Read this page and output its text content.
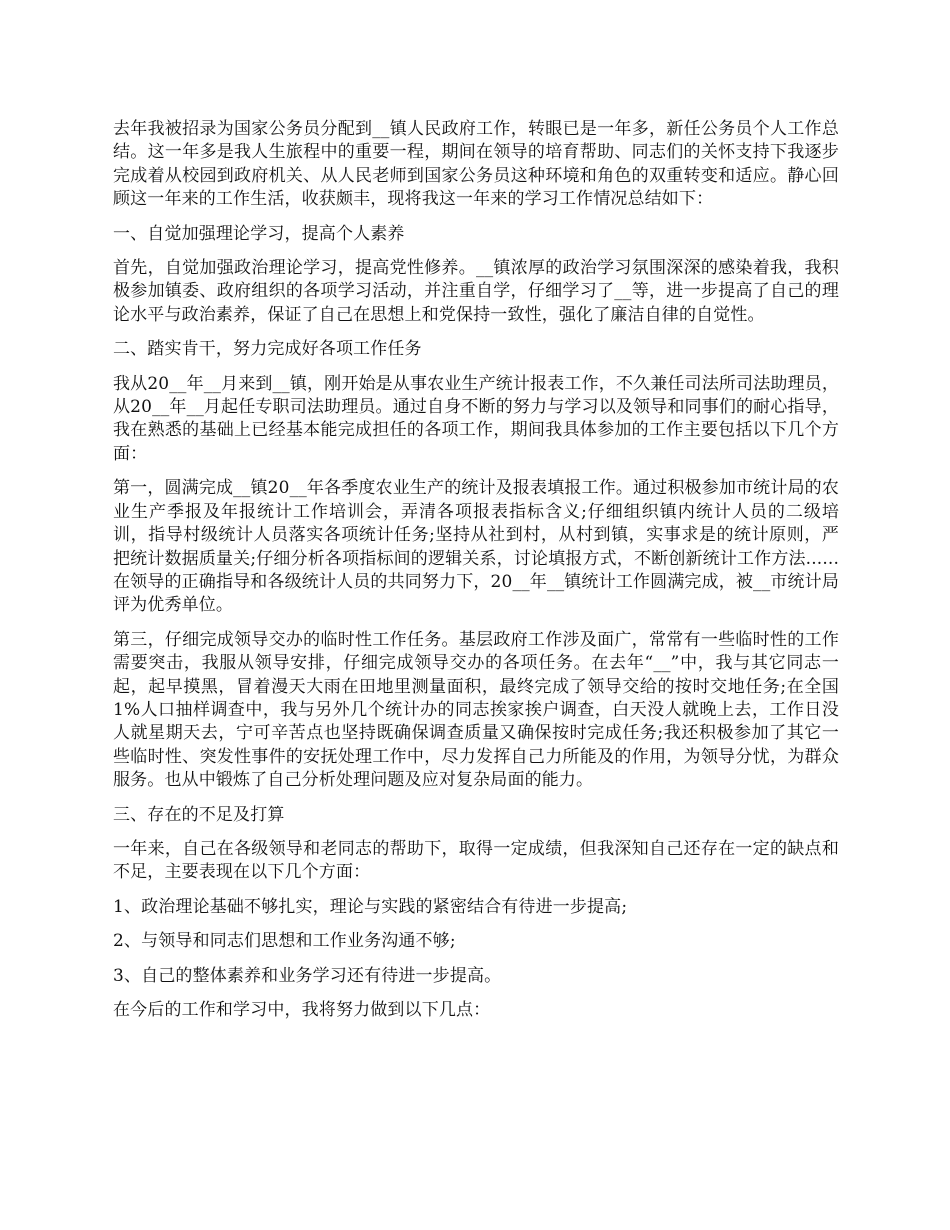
去年我被招录为国家公务员分配到__镇人民政府工作，转眼已是一年多，新任公务员个人工作总结。这一年多是我人生旅程中的重要一程，期间在领导的培育帮助、同志们的关怀支持下我逐步完成着从校园到政府机关、从人民老师到国家公务员这种环境和角色的双重转变和适应。静心回顾这一年来的工作生活，收获颇丰，现将我这一年来的学习工作情况总结如下：

一、自觉加强理论学习，提高个人素养

首先，自觉加强政治理论学习，提高党性修养。__镇浓厚的政治学习氛围深深的感染着我，我积极参加镇委、政府组织的各项学习活动，并注重自学，仔细学习了__等，进一步提高了自己的理论水平与政治素养，保证了自己在思想上和党保持一致性，强化了廉洁自律的自觉性。

二、踏实肯干，努力完成好各项工作任务

我从20__年__月来到__镇，刚开始是从事农业生产统计报表工作，不久兼任司法所司法助理员，从20__年__月起任专职司法助理员。通过自身不断的努力与学习以及领导和同事们的耐心指导，我在熟悉的基础上已经基本能完成担任的各项工作，期间我具体参加的工作主要包括以下几个方面：

第一，圆满完成__镇20__年各季度农业生产的统计及报表填报工作。通过积极参加市统计局的农业生产季报及年报统计工作培训会，弄清各项报表指标含义;仔细组织镇内统计人员的二级培训，指导村级统计人员落实各项统计任务;坚持从社到村，从村到镇，实事求是的统计原则，严把统计数据质量关;仔细分析各项指标间的逻辑关系，讨论填报方式，不断创新统计工作方法......在领导的正确指导和各级统计人员的共同努力下，20__年__镇统计工作圆满完成，被__市统计局评为优秀单位。

第三，仔细完成领导交办的临时性工作任务。基层政府工作涉及面广，常常有一些临时性的工作需要突击，我服从领导安排，仔细完成领导交办的各项任务。在去年“__”中，我与其它同志一起，起早摸黑，冒着漫天大雨在田地里测量面积，最终完成了领导交给的按时交地任务;在全国1%人口抽样调查中，我与另外几个统计办的同志挨家挨户调查，白天没人就晚上去，工作日没人就星期天去，宁可辛苦点也坚持既确保调查质量又确保按时完成任务;我还积极参加了其它一些临时性、突发性事件的安抚处理工作中，尽力发挥自己力所能及的作用，为领导分忧，为群众服务。也从中锻炼了自己分析处理问题及应对复杂局面的能力。

三、存在的不足及打算

一年来，自己在各级领导和老同志的帮助下，取得一定成绩，但我深知自己还存在一定的缺点和不足，主要表现在以下几个方面：

1、政治理论基础不够扎实，理论与实践的紧密结合有待进一步提高;

2、与领导和同志们思想和工作业务沟通不够;

3、自己的整体素养和业务学习还有待进一步提高。

在今后的工作和学习中，我将努力做到以下几点：
